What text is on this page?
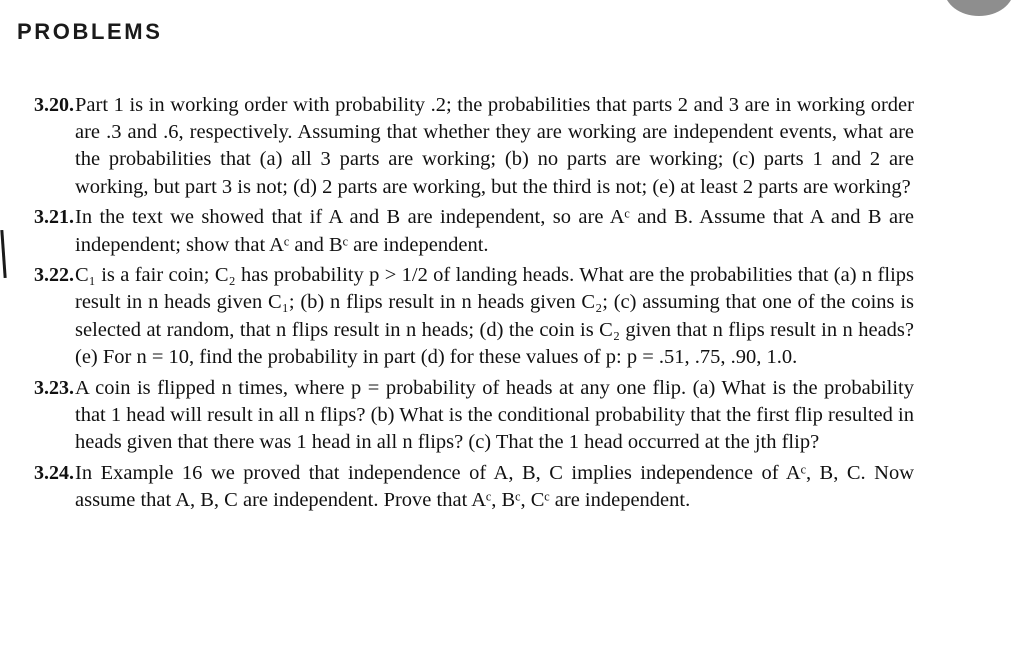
PROBLEMS
3.20. Part 1 is in working order with probability .2; the probabilities that parts 2 and 3 are in working order are .3 and .6, respectively. Assuming that whether they are working are independent events, what are the probabilities that (a) all 3 parts are working; (b) no parts are working; (c) parts 1 and 2 are working, but part 3 is not; (d) 2 parts are working, but the third is not; (e) at least 2 parts are working?
3.21. In the text we showed that if A and B are independent, so are Aᶜ and B. Assume that A and B are independent; show that Aᶜ and Bᶜ are independent.
3.22. C₁ is a fair coin; C₂ has probability p > 1/2 of landing heads. What are the probabilities that (a) n flips result in n heads given C₁; (b) n flips result in n heads given C₂; (c) assuming that one of the coins is selected at random, that n flips result in n heads; (d) the coin is C₂ given that n flips result in n heads? (e) For n = 10, find the probability in part (d) for these values of p: p = .51, .75, .90, 1.0.
3.23. A coin is flipped n times, where p = probability of heads at any one flip. (a) What is the probability that 1 head will result in all n flips? (b) What is the conditional probability that the first flip resulted in heads given that there was 1 head in all n flips? (c) That the 1 head occurred at the jth flip?
3.24. In Example 16 we proved that independence of A, B, C implies independence of Aᶜ, B, C. Now assume that A, B, C are independent. Prove that Aᶜ, Bᶜ, Cᶜ are independent.
